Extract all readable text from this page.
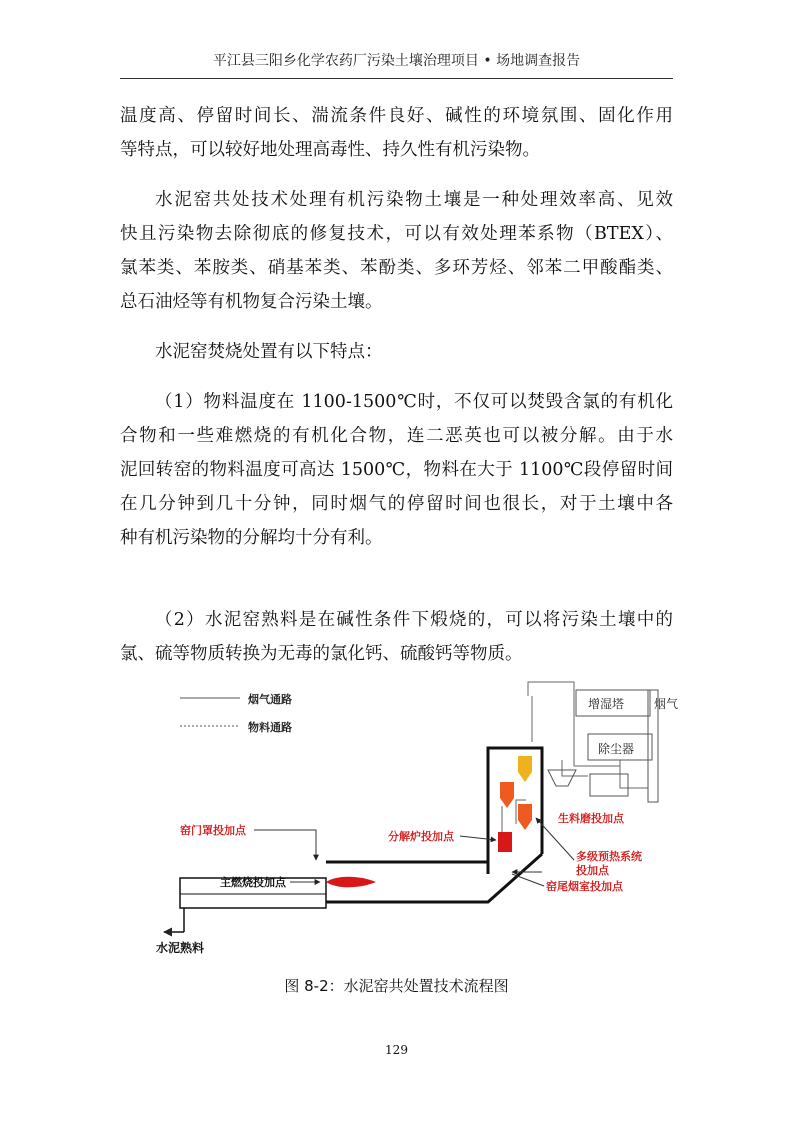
平江县三阳乡化学农药厂污染土壤治理项目 • 场地调查报告
温度高、停留时间长、湍流条件良好、碱性的环境氛围、固化作用
等特点，可以较好地处理高毒性、持久性有机污染物。
水泥窑共处技术处理有机污染物土壤是一种处理效率高、见效
快且污染物去除彻底的修复技术，可以有效处理苯系物（BTEX）、
氯苯类、苯胺类、硝基苯类、苯酚类、多环芳烃、邻苯二甲酸酯类、
总石油烃等有机物复合污染土壤。
水泥窑焚烧处置有以下特点：
（1）物料温度在 1100-1500℃时，不仅可以焚毁含氯的有机化
合物和一些难燃烧的有机化合物，连二恶英也可以被分解。由于水
泥回转窑的物料温度可高达 1500℃，物料在大于 1100℃段停留时间
在几分钟到几十分钟，同时烟气的停留时间也很长，对于土壤中各
种有机污染物的分解均十分有利。
（2）水泥窑熟料是在碱性条件下煅烧的，可以将污染土壤中的
氯、硫等物质转换为无毒的氯化钙、硫酸钙等物质。
烟气通路
物料通路
增湿塔 烟气
除尘器
生料磨投加点
分解炉投加点
多级预热系统
投加点
窑尾烟室投加点
窑门罩投加点
主燃烧投加点
水泥熟料
图 8-2：水泥窑共处置技术流程图
129
